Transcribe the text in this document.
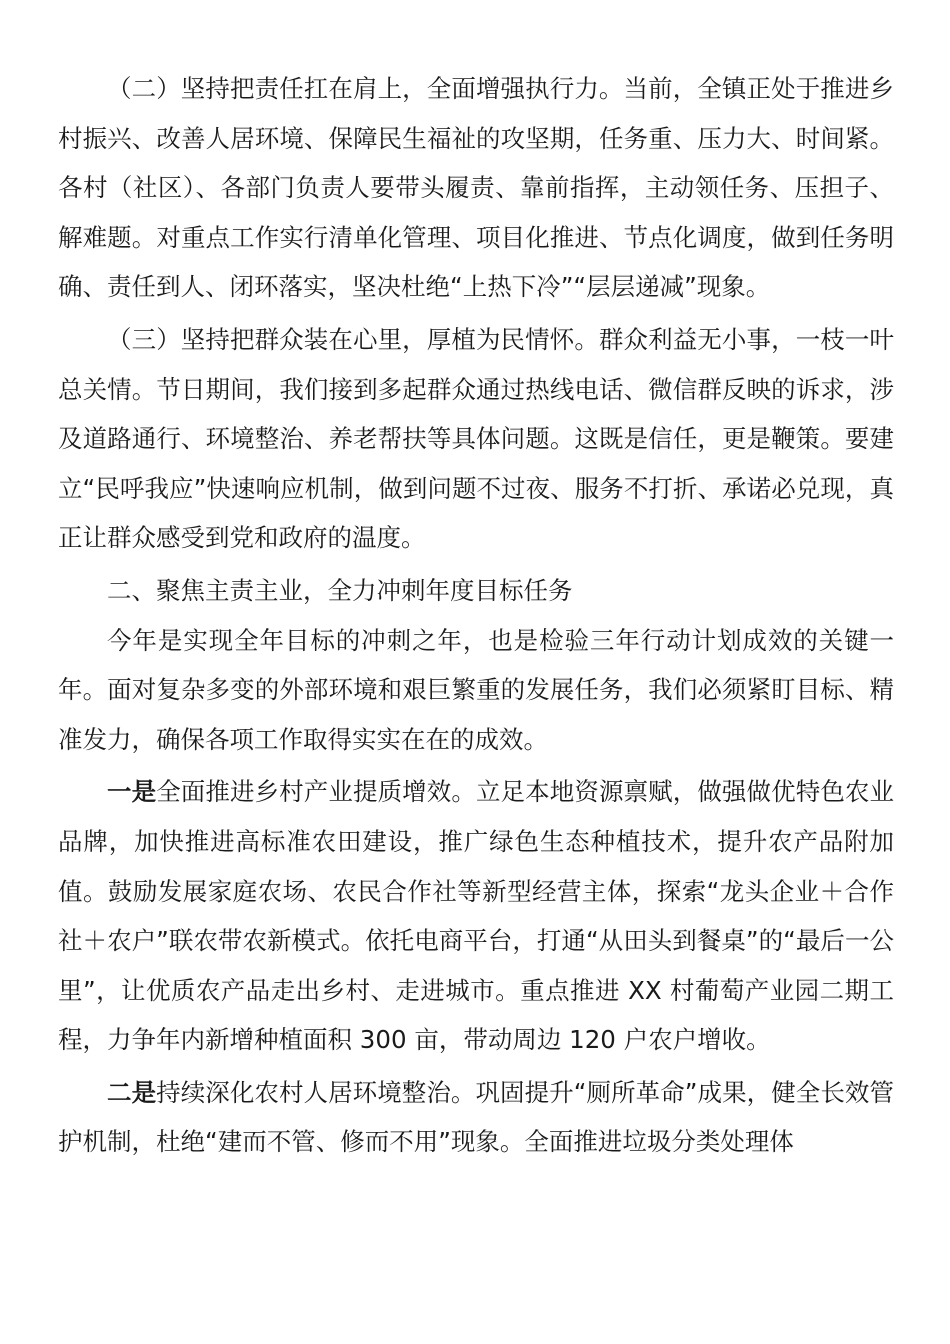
（二）坚持把责任扛在肩上，全面增强执行力。当前，全镇正处于推进乡村振兴、改善人居环境、保障民生福祉的攻坚期，任务重、压力大、时间紧。各村（社区）、各部门负责人要带头履责、靠前指挥，主动领任务、压担子、解难题。对重点工作实行清单化管理、项目化推进、节点化调度，做到任务明确、责任到人、闭环落实，坚决杜绝“上热下冷”“层层递减”现象。

（三）坚持把群众装在心里，厚植为民情怀。群众利益无小事，一枝一叶总关情。节日期间，我们接到多起群众通过热线电话、微信群反映的诉求，涉及道路通行、环境整治、养老帮扶等具体问题。这既是信任，更是鞭策。要建立“民呼我应”快速响应机制，做到问题不过夜、服务不打折、承诺必兑现，真正让群众感受到党和政府的温度。

二、聚焦主责主业，全力冲刺年度目标任务

今年是实现全年目标的冲刺之年，也是检验三年行动计划成效的关键一年。面对复杂多变的外部环境和艰巨繁重的发展任务，我们必须紧盯目标、精准发力，确保各项工作取得实实在在的成效。

一是全面推进乡村产业提质增效。立足本地资源禀赋，做强做优特色农业品牌，加快推进高标准农田建设，推广绿色生态种植技术，提升农产品附加值。鼓励发展家庭农场、农民合作社等新型经营主体，探索“龙头企业＋合作社＋农户”联农带农新模式。依托电商平台，打通“从田头到餐桌”的“最后一公里”，让优质农产品走出乡村、走进城市。重点推进 XX 村葡萄产业园二期工程，力争年内新增种植面积 300 亩，带动周边 120 户农户增收。

二是持续深化农村人居环境整治。巩固提升“厕所革命”成果，健全长效管护机制，杜绝“建而不管、修而不用”现象。全面推进垃圾分类处理体
